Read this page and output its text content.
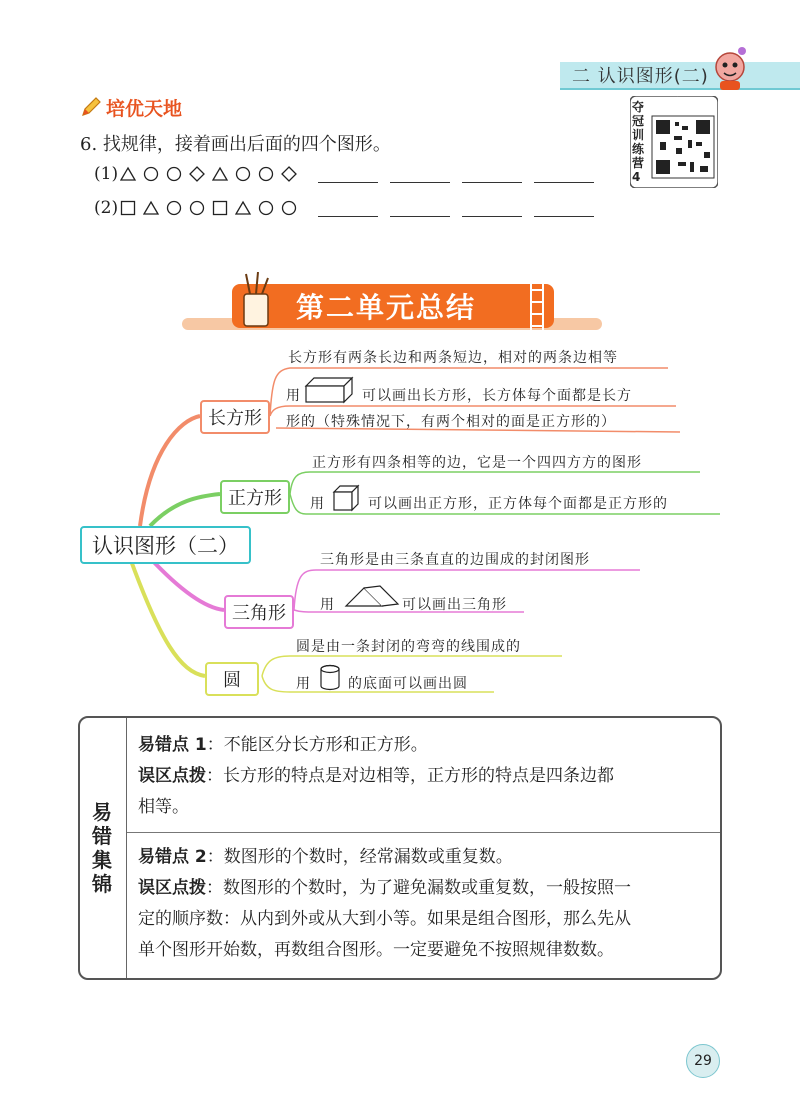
二 认识图形(二)
培优天地
6. 找规律，接着画出后面的四个图形。
(1)
(2)
夺冠训练营4
第二单元总结
认识图形（二）
长方形
正方形
三角形
圆
长方形有两条长边和两条短边，相对的两条边相等
用	可以画出长方形，长方体每个面都是长方
形的（特殊情况下，有两个相对的面是正方形的）
正方形有四条相等的边，它是一个四四方方的图形
用	可以画出正方形，正方体每个面都是正方形的
三角形是由三条直直的边围成的封闭图形
用	可以画出三角形
圆是由一条封闭的弯弯的线围成的
用	的底面可以画出圆
易错集锦
易错点 1：不能区分长方形和正方形。
误区点拨：长方形的特点是对边相等，正方形的特点是四条边都
相等。
易错点 2：数图形的个数时，经常漏数或重复数。
误区点拨：数图形的个数时，为了避免漏数或重复数，一般按照一
定的顺序数：从内到外或从大到小等。如果是组合图形，那么先从
单个图形开始数，再数组合图形。一定要避免不按照规律数数。
29
